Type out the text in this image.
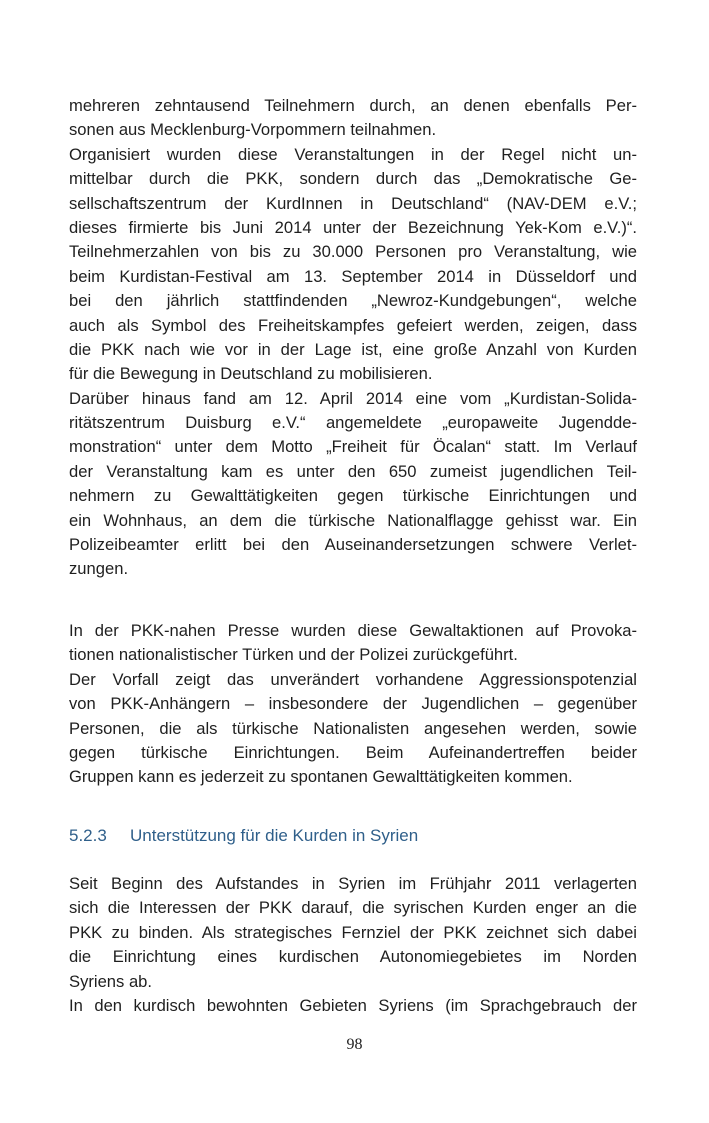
mehreren zehntausend Teilnehmern durch, an denen ebenfalls Per-
sonen aus Mecklenburg-Vorpommern teilnahmen.
Organisiert wurden diese Veranstaltungen in der Regel nicht un-
mittelbar durch die PKK, sondern durch das „Demokratische Ge-
sellschaftszentrum der KurdInnen in Deutschland“ (NAV-DEM e.V.;
dieses firmierte bis Juni 2014 unter der Bezeichnung Yek-Kom e.V.)“.
Teilnehmerzahlen von bis zu 30.000 Personen pro Veranstaltung, wie
beim Kurdistan-Festival am 13. September 2014 in Düsseldorf und
bei den jährlich stattfindenden „Newroz-Kundgebungen“, welche
auch als Symbol des Freiheitskampfes gefeiert werden, zeigen, dass
die PKK nach wie vor in der Lage ist, eine große Anzahl von Kurden
für die Bewegung in Deutschland zu mobilisieren.
Darüber hinaus fand am 12. April 2014 eine vom „Kurdistan-Solida-
ritätszentrum Duisburg e.V.“ angemeldete „europaweite Jugendde-
monstration“ unter dem Motto „Freiheit für Öcalan“ statt. Im Verlauf
der Veranstaltung kam es unter den 650 zumeist jugendlichen Teil-
nehmern zu Gewalttätigkeiten gegen türkische Einrichtungen und
ein Wohnhaus, an dem die türkische Nationalflagge gehisst war. Ein
Polizeibeamter erlitt bei den Auseinandersetzungen schwere Verlet-
zungen.
In der PKK-nahen Presse wurden diese Gewaltaktionen auf Provoka-
tionen nationalistischer Türken und der Polizei zurückgeführt.
Der Vorfall zeigt das unverändert vorhandene Aggressionspotenzial
von PKK-Anhängern – insbesondere der Jugendlichen – gegenüber
Personen, die als türkische Nationalisten angesehen werden, sowie
gegen türkische Einrichtungen. Beim Aufeinandertreffen beider
Gruppen kann es jederzeit zu spontanen Gewalttätigkeiten kommen.
5.2.3 Unterstützung für die Kurden in Syrien
Seit Beginn des Aufstandes in Syrien im Frühjahr 2011 verlagerten
sich die Interessen der PKK darauf, die syrischen Kurden enger an die
PKK zu binden. Als strategisches Fernziel der PKK zeichnet sich dabei
die Einrichtung eines kurdischen Autonomiegebietes im Norden
Syriens ab.
In den kurdisch bewohnten Gebieten Syriens (im Sprachgebrauch der
98
